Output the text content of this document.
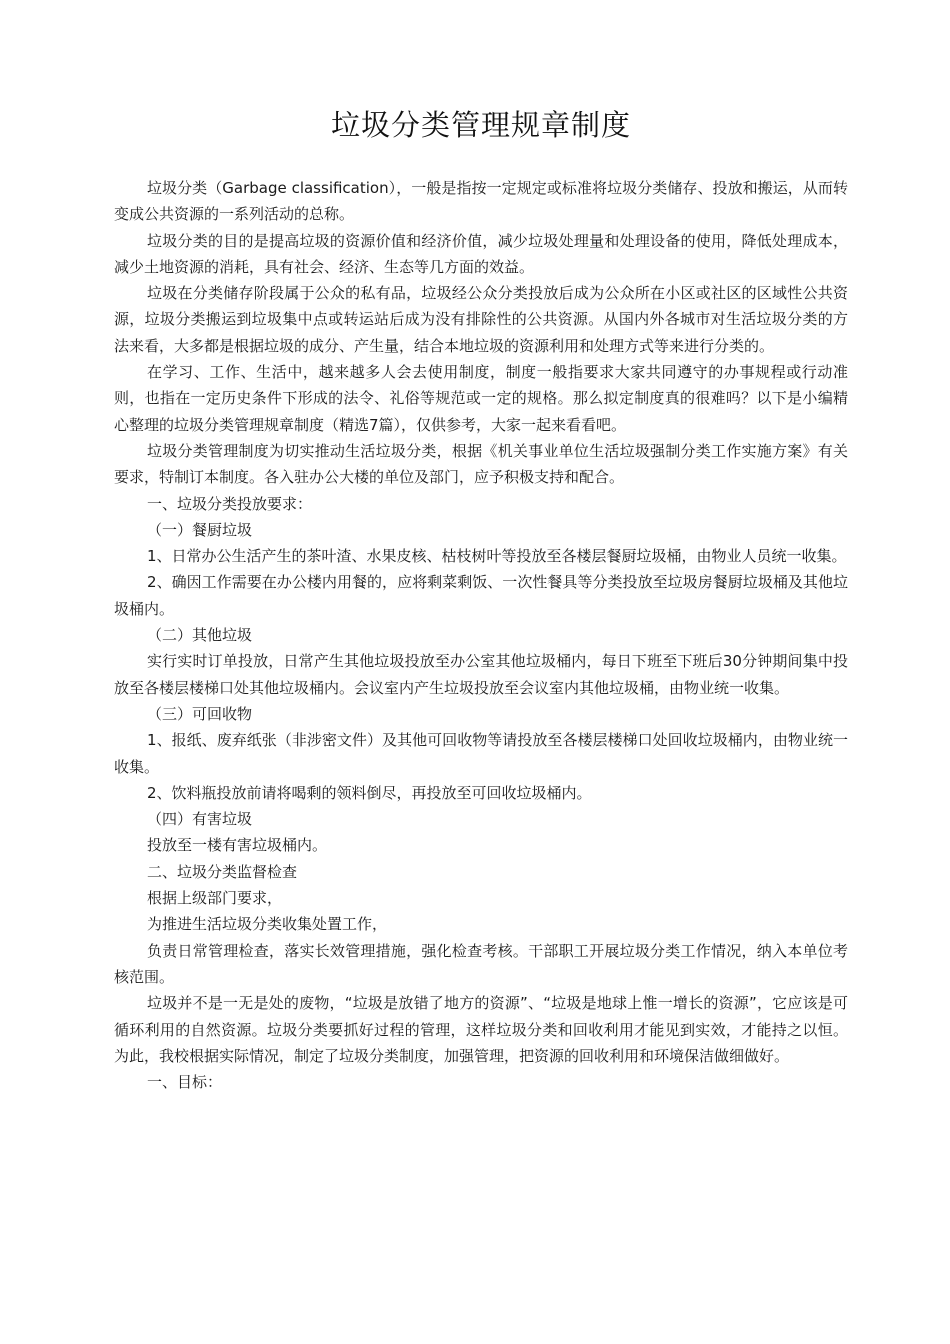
垃圾分类管理规章制度

垃圾分类（Garbage classification），一般是指按一定规定或标准将垃圾分类储存、投放和搬运，从而转变成公共资源的一系列活动的总称。

垃圾分类的目的是提高垃圾的资源价值和经济价值，减少垃圾处理量和处理设备的使用，降低处理成本，减少土地资源的消耗，具有社会、经济、生态等几方面的效益。

垃圾在分类储存阶段属于公众的私有品，垃圾经公众分类投放后成为公众所在小区或社区的区域性公共资源，垃圾分类搬运到垃圾集中点或转运站后成为没有排除性的公共资源。从国内外各城市对生活垃圾分类的方法来看，大多都是根据垃圾的成分、产生量，结合本地垃圾的资源利用和处理方式等来进行分类的。

在学习、工作、生活中，越来越多人会去使用制度，制度一般指要求大家共同遵守的办事规程或行动准则，也指在一定历史条件下形成的法令、礼俗等规范或一定的规格。那么拟定制度真的很难吗？以下是小编精心整理的垃圾分类管理规章制度（精选7篇），仅供参考，大家一起来看看吧。

垃圾分类管理制度为切实推动生活垃圾分类，根据《机关事业单位生活垃圾强制分类工作实施方案》有关要求，特制订本制度。各入驻办公大楼的单位及部门，应予积极支持和配合。

一、垃圾分类投放要求：

（一）餐厨垃圾

1、日常办公生活产生的茶叶渣、水果皮核、枯枝树叶等投放至各楼层餐厨垃圾桶，由物业人员统一收集。

2、确因工作需要在办公楼内用餐的，应将剩菜剩饭、一次性餐具等分类投放至垃圾房餐厨垃圾桶及其他垃圾桶内。

（二）其他垃圾

实行实时订单投放，日常产生其他垃圾投放至办公室其他垃圾桶内，每日下班至下班后30分钟期间集中投放至各楼层楼梯口处其他垃圾桶内。会议室内产生垃圾投放至会议室内其他垃圾桶，由物业统一收集。

（三）可回收物

1、报纸、废弃纸张（非涉密文件）及其他可回收物等请投放至各楼层楼梯口处回收垃圾桶内，由物业统一收集。

2、饮料瓶投放前请将喝剩的领料倒尽，再投放至可回收垃圾桶内。

（四）有害垃圾

投放至一楼有害垃圾桶内。

二、垃圾分类监督检查

根据上级部门要求，

为推进生活垃圾分类收集处置工作，

负责日常管理检查，落实长效管理措施，强化检查考核。干部职工开展垃圾分类工作情况，纳入本单位考核范围。

垃圾并不是一无是处的废物，“垃圾是放错了地方的资源”、“垃圾是地球上惟一增长的资源”，它应该是可循环利用的自然资源。垃圾分类要抓好过程的管理，这样垃圾分类和回收利用才能见到实效，才能持之以恒。为此，我校根据实际情况，制定了垃圾分类制度，加强管理，把资源的回收利用和环境保洁做细做好。

一、目标：
